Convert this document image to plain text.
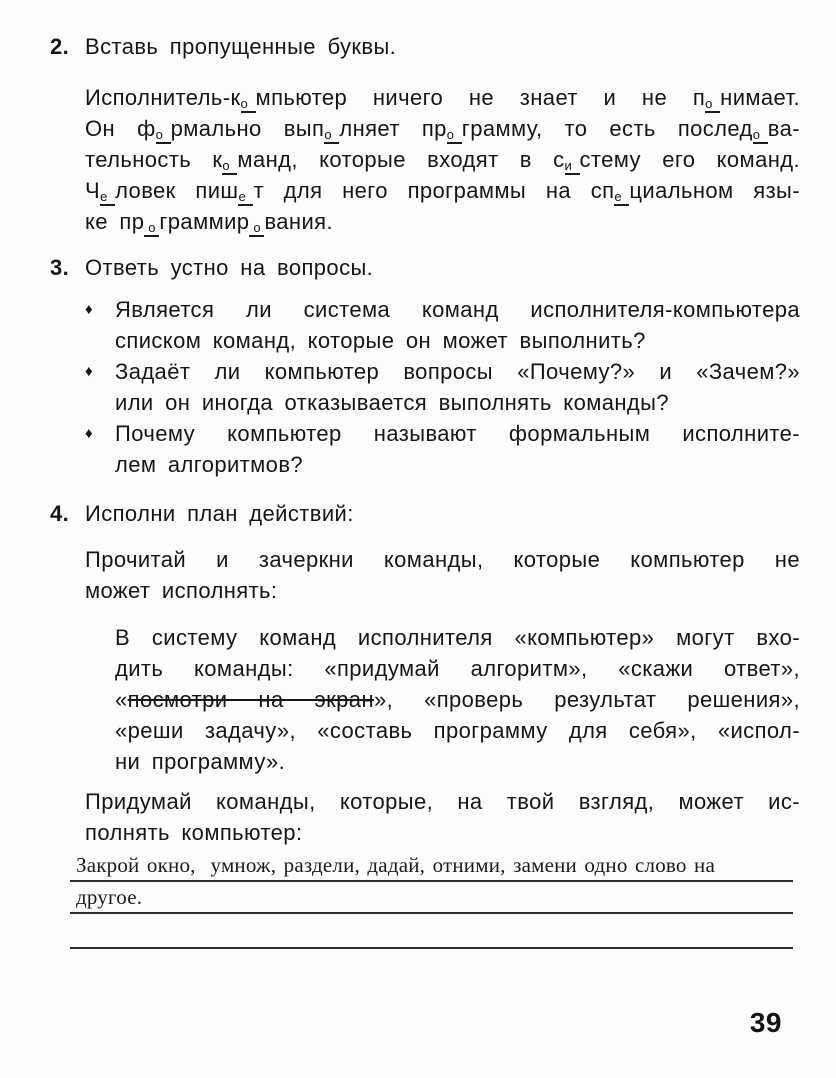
2. Вставь пропущенные буквы.
Исполнитель-ко мпьютер ничего не знает и не по нимает.
Он фо рмально выпо лняет про грамму, то есть последо ва-
тельность ко манд, которые входят в си стему его команд.
Че ловек пише т для него программы на спе циальном язы-
ке пр о граммир о вания.
3. Ответь устно на вопросы.
♦ Является ли система команд исполнителя-компьютера
списком команд, которые он может выполнить?
♦ Задаёт ли компьютер вопросы «Почему?» и «Зачем?»
или он иногда отказывается выполнять команды?
♦ Почему компьютер называют формальным исполните-
лем алгоритмов?
4. Исполни план действий:
Прочитай и зачеркни команды, которые компьютер не
может исполнять:
В систему команд исполнителя «компьютер» могут вхо-
дить команды: «придумай алгоритм», «скажи ответ»,
«посмотри на экран», «проверь результат решения»,
«реши задачу», «составь программу для себя», «испол-
ни программу».
Придумай команды, которые, на твой взгляд, может ис-
полнять компьютер:
Закрой окно,  умнож, раздели, дадай, отними, замени одно слово на
другое.
39
